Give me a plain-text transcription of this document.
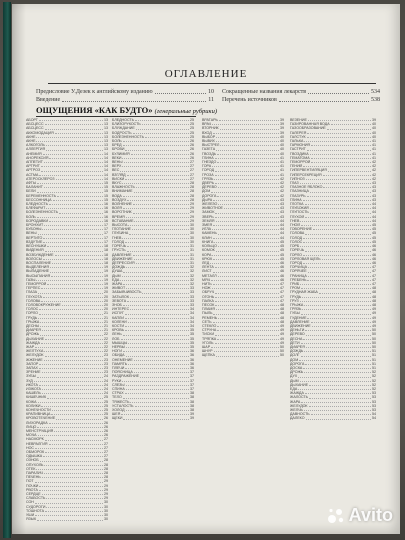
ОГЛАВЛЕНИЕ
Предисловие У.Дезек к английскому изданию	10
Введение	11
Сокращенные названия лекарств	534
Перечень источников	538
ОЩУЩЕНИЯ «КАК БУДТО» (генеральные рубрики)
АБОРТ	13
АБСЦЕСС	13
АБСЦЕСС	13
АККОМОДАЦИЯ	13
АКНЕ	13
АКНЕ	13
АЛКОГОЛЬ	13
АЛЛЕРГИЯ	13
АНЕМИЯ	14
АНОРЕКСИЯ	14
АППЕТИТ	14
АРТРИТ	14
АРТРОЗ	14
АСТМА	14
АТЕРОСКЛЕРОЗ	14
АФТЫ	15
БАЛАНИТ	15
БЕЛИ	15
БЕРЕМЕННОСТЬ	15
БЕССОННИЦА	15
БЛЕДНОСТЬ	16
БЛЕФАРИТ	16
БОЛЕЗНЕННОСТЬ	16
БОЛЬ	16
БОРОДАВКИ	16
БРОНХИТ	17
БУБОНЫ	17
ВЕНЫ	17
ВЕРТИГО	17
ВЗДУТИЕ	17
ВЕСНУШКИ	18
ВИДЕНИЯ	18
ВОЗБУЖДЕНИЕ	18
ВОЛОСЫ	18
ВОСПАЛЕНИЕ	18
ВЫДЕЛЕНИЯ	19
ВЫПАДЕНИЕ	19
ВЫСЫПАНИЯ	19
ГАЗЫ	19
ГЕМОРРОЙ	19
ГЕРПЕС	19
ГЛАЗА	20
ГЛУХОТА	20
ГОЛОВА	20
ГОЛОВОКРУЖЕНИЕ	20
ГОЛОС	20
ГОРЛО	21
ГРУДЬ	21
ГРЫЖА	21
ДЕСНЫ	21
ДИАРЕЯ	21
ДРОЖЬ	22
ДЫХАНИЕ	22
ЖАЖДА	22
ЖАР	22
ЖЕЛТУХА	22
ЖЕЛУДОК	23
ЖЖЕНИЕ	23
ЗАПОР	23
ЗАПАХ	23
ЗРЕНИЕ	23
ЗУБЫ	24
ЗУД	24
ИКОТА	24
ИЗЖОГА	24
КАШЕЛЬ	24
КИШЕЧНИК	25
КОЖА	25
КОЛИКИ	25
КОНЕЧНОСТИ	25
КРАПИВНИЦА	25
КРОВОТЕЧЕНИЕ	26
ЛИХОРАДКА	26
ЛИЦО	26
МЕНСТРУАЦИЯ	26
МОЧА	26
НАСМОРК	27
НЕВРАЛГИЯ	27
НОС	27
ОБМОРОК	27
ОДЫШКА	27
ОЗНОБ	28
ОПУХОЛЬ	28
ОТЕК	28
ПАРАЛИЧ	28
ПЕЧЕНЬ	28
ПОТ	29
ПОЧКИ	29
РВОТА	29
СЕРДЦЕ	29
СЛАБОСТЬ	29
СОН	30
СУДОРОГИ	30
ТОШНОТА	30
УШИ	30
ЯЗЫК	30
БЛЕДНОСТЬ	25
БЛИЗОРУКОСТЬ	25
БЛУЖДАНИЕ	25
БОДРОСТЬ	25
БОЛЕЗНЕННОСТЬ	25
БОЛЬ	26
БРЕД	26
БРОВИ	26
БУЛИМИЯ	26
ВЕКИ	26
ВЕНЫ	27
ВЕРХ	27
ВЕС	27
ВЗГЛЯД	27
ВИСКИ	27
ВКУС	28
ВЛАЖНОСТЬ	28
ВНИМАНИЕ	28
ВОДА	28
ВОЗДУХ	28
ВОЛНЕНИЕ	29
ВОЛЯ	29
ВОРОТНИК	29
ВРЕМЯ	29
ВСТАВАНИЕ	29
ВЫСОТА	30
ГЛОТАНИЕ	30
ГЛУБИНА	30
ГНЕВ	30
ГОЛОД	30
ГОРЕЧЬ	31
ГРУСТЬ	31
ДАВЛЕНИЕ	31
ДВИЖЕНИЕ	31
ДЕПРЕССИЯ	31
ДОЖДЬ	32
ДУША	32
ДЫМ	32
ЕДА	32
ЖАРА	32
ЖИВОТ	33
ЗАБЫВЧИВОСТЬ	33
ЗАТЫЛОК	33
ЗЕВОТА	33
ЗНОБ	33
ИНТЕРЕС	34
ИСПУГ	34
КАПЛИ	34
КОЛЕНИ	34
КОСТИ	34
КРОВЬ	35
ЛЕНЬ	35
ЛОБ	35
МЫШЦЫ	35
НЕРВЫ	35
НОГИ	36
ОБИДА	36
ОНЕМЕНИЕ	36
ПАМЯТЬ	36
ПЛЕЧИ	36
ПОЯСНИЦА	37
РАЗДРАЖЕНИЕ	37
РУКИ	37
СЛЕЗЫ	37
СПИНА	37
СТРАХ	38
ТЕЛО	38
ТЯЖЕСТЬ	38
УСТАЛОСТЬ	38
ХОЛОД	38
ШЕЯ	39
ЩЕКИ	39
ВРАТАРЬ	39
ВРАЧ	39
ВТОРНИК	39
ВХОД	39
ВЫБОР	40
ВЫВИХ	40
ВЫСТРЕЛ	40
ГАЗЕТА	40
ГВОЗДЬ	40
ГЛИНА	41
ГНЕЗДО	41
ГОРА	41
ГОРОД	41
ГРОЗА	41
ГРЯЗЬ	42
ДВЕРЬ	42
ДЕРЕВО	42
ДОМ	42
ДОРОГА	42
ДЫРА	43
ЖЕЛЕЗО	43
ЖИВОТНОЕ	43
ЗАМОК	43
ЗВЕРЬ	43
ЗЕМЛЯ	44
ЗМЕЯ	44
ИГЛА	44
КАМЕНЬ	44
КЛИН	44
КНИГА	45
КОЛЬЦО	45
КОМОК	45
КОРА	45
КРЮК	45
ЛЕД	46
ЛЕНТА	46
ЛИСТ	46
МЕТАЛЛ	46
МЯЧ	46
НИТЬ	47
НОЖ	47
ОБРУЧ	47
ОГОНЬ	47
ПАЛКА	47
ПЕСОК	48
ПЛАМЯ	48
ПЫЛЬ	48
РЕМЕНЬ	48
СЕТЬ	48
СТЕКЛО	49
СТРУНА	49
ТИСКИ	49
ТРЯПКА	49
УГОЛЬ	49
ШАР	50
ШНУР	50
ЩЕПКА	50
ВЕЗЕНИЕ	39
ГАЗИРОВАННАЯ ВОДА	40
ГАЗООБРАЗОВАНИЕ	40
ГАЛЕРЕЯ	40
ГАЛСТУК	40
ГАЛЬКА	41
ГАРМОНИЯ	41
ГАСТРИТ	41
ГВОЗДИКА	41
ГЕМАТОМА	41
ГЕМОРРОЙ	42
ГЕНИЙ	42
ГИПЕРВЕНТИЛЯЦИЯ	42
ГИПЕРСЕКРЕЦИЯ	42
ГИПНОЗ	42
ГЛАЗ	43
ГЛАЗНОЕ ЯБЛОКО	43
ГЛАЗНИЦА	43
ГЛАЗУРЬ	43
ГЛИНА	43
ГЛОТКА	44
ГЛУБОКИЙ	44
ГЛУПОСТЬ	44
ГЛУХОЙ	44
ГНЕВ	44
ГНОЙ	45
ГОВОРЕНИЕ	45
ГОЛОВА	45
ГОЛОД	45
ГОЛОС	45
ГОРБ	46
ГОРЕЧЬ	46
ГОРЛО	46
ГОРЛОВАЯ ЩЕЛЬ	46
ГОРОД	46
ГОРЧИЦА	47
ГОРЯЧЕЕ	47
ГРАНИЦА	47
ГРЕБЕНЬ	47
ГРИБ	47
ГРОМ	48
ГРУДНАЯ ЖАБА	48
ГРУДЬ	48
ГРУЗ	48
ГРЫЖА	48
ГРЯЗЬ	49
ГУБЫ	49
ГУДЕНИЕ	49
ДАВЛЕНИЕ	49
ДВИЖЕНИЕ	49
ДЕНЬГИ	50
ДЕРЕВО	50
ДЕСНА	50
ДЕТИ	50
ДИАРЕЯ	50
ДОЖДЬ	51
ДОЛГ	51
ДОМ	51
ДОРОГА	51
ДОСКА	51
ДРОЖЬ	52
ДУХ	52
ДЫМ	52
ДЫХАНИЕ	52
ЕДА	52
ЖАЖДА	53
ЖАЛОСТЬ	53
ЖАРА	53
ЖЕЛУДОК	53
ЖЕЛЧЬ	53
ДАВНОСТЬ	54
ДАЛЕКО	54
Avito
